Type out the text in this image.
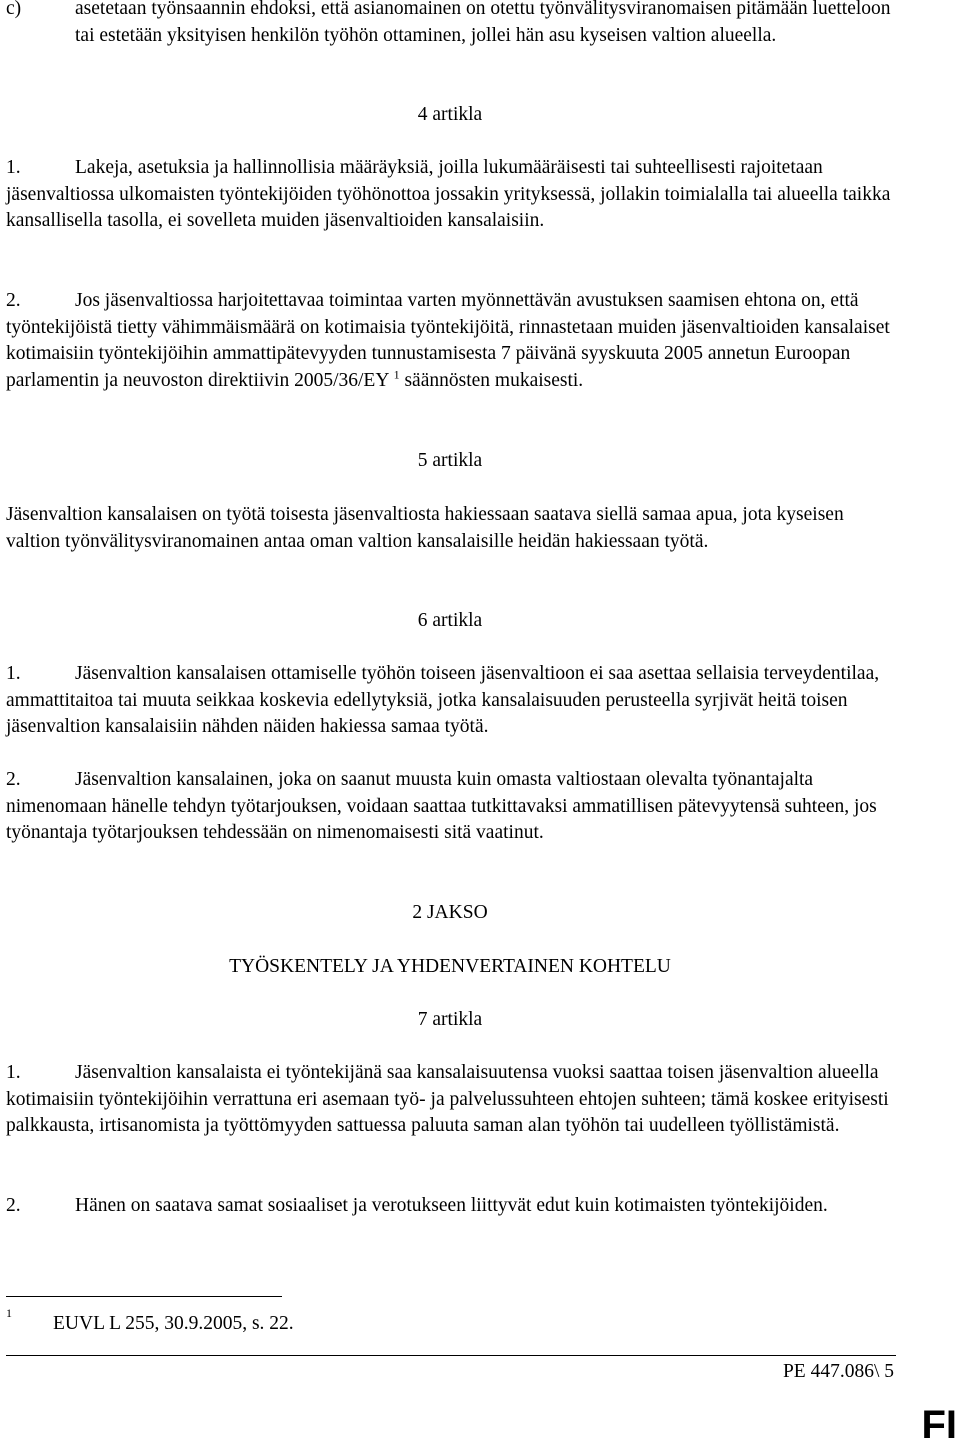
c)	asetetaan työnsaannin ehdoksi, että asianomainen on otettu työnvälitysviranomaisen pitämään luetteloon tai estetään yksityisen henkilön työhön ottaminen, jollei hän asu kyseisen valtion alueella.

4 artikla

1.	Lakeja, asetuksia ja hallinnollisia määräyksiä, joilla lukumääräisesti tai suhteellisesti rajoitetaan jäsenvaltiossa ulkomaisten työntekijöiden työhönottoa jossakin yrityksessä, jollakin toimialalla tai alueella taikka kansallisella tasolla, ei sovelleta muiden jäsenvaltioiden kansalaisiin.

2.	Jos jäsenvaltiossa harjoitettavaa toimintaa varten myönnettävän avustuksen saamisen ehtona on, että työntekijöistä tietty vähimmäismäärä on kotimaisia työntekijöitä, rinnastetaan muiden jäsenvaltioiden kansalaiset kotimaisiin työntekijöihin ammattipätevyyden tunnustamisesta 7 päivänä syyskuuta 2005 annetun Euroopan parlamentin ja neuvoston direktiivin 2005/36/EY $^1$ säännösten mukaisesti.

5 artikla

Jäsenvaltion kansalaisen on työtä toisesta jäsenvaltiosta hakiessaan saatava siellä samaa apua, jota kyseisen valtion työnvälitysviranomainen antaa oman valtion kansalaisille heidän hakiessaan työtä.

6 artikla

1.	Jäsenvaltion kansalaisen ottamiselle työhön toiseen jäsenvaltioon ei saa asettaa sellaisia terveydentilaa, ammattitaitoa tai muuta seikkaa koskevia edellytyksiä, jotka kansalaisuuden perusteella syrjivät heitä toisen jäsenvaltion kansalaisiin nähden näiden hakiessa samaa työtä.

2.	Jäsenvaltion kansalainen, joka on saanut muusta kuin omasta valtiostaan olevalta työnantajalta nimenomaan hänelle tehdyn työtarjouksen, voidaan saattaa tutkittavaksi ammatillisen pätevyytensä suhteen, jos työnantaja työtarjouksen tehdessään on nimenomaisesti sitä vaatinut.

2 JAKSO
TYÖSKENTELY JA YHDENVERTAINEN KOHTELU
7 artikla

1.	Jäsenvaltion kansalaista ei työntekijänä saa kansalaisuutensa vuoksi saattaa toisen jäsenvaltion alueella kotimaisiin työntekijöihin verrattuna eri asemaan työ- ja palvelussuhteen ehtojen suhteen; tämä koskee erityisesti palkkausta, irtisanomista ja työttömyyden sattuessa paluuta saman alan työhön tai uudelleen työllistämistä.

2.	Hänen on saatava samat sosiaaliset ja verotukseen liittyvät edut kuin kotimaisten työntekijöiden.

1 EUVL L 255, 30.9.2005, s. 22.
PE 447.086\ 5
FI
